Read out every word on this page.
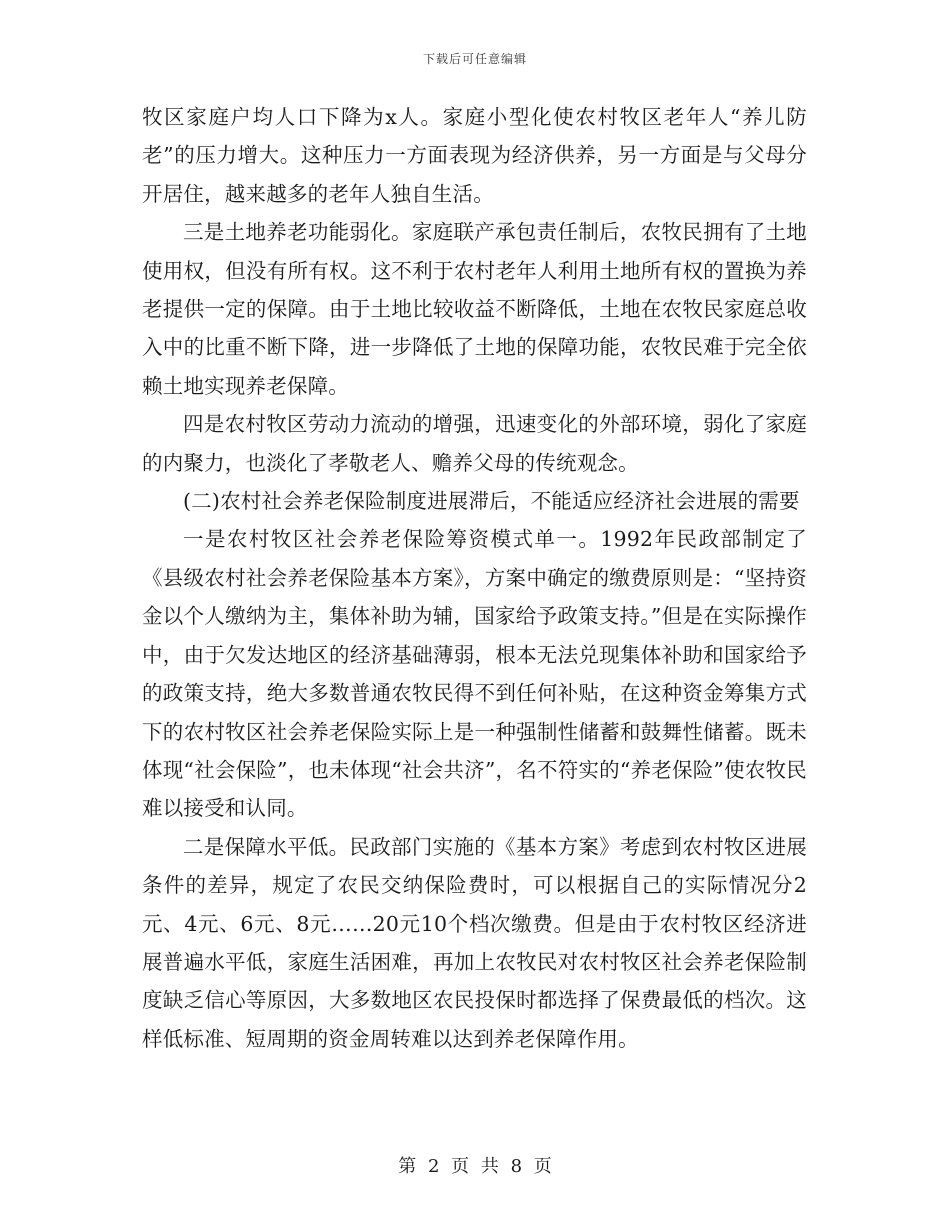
下载后可任意编辑

牧区家庭户均人口下降为x人。家庭小型化使农村牧区老年人“养儿防老”的压力增大。这种压力一方面表现为经济供养，另一方面是与父母分开居住，越来越多的老年人独自生活。

三是土地养老功能弱化。家庭联产承包责任制后，农牧民拥有了土地使用权，但没有所有权。这不利于农村老年人利用土地所有权的置换为养老提供一定的保障。由于土地比较收益不断降低，土地在农牧民家庭总收入中的比重不断下降，进一步降低了土地的保障功能，农牧民难于完全依赖土地实现养老保障。

四是农村牧区劳动力流动的增强，迅速变化的外部环境，弱化了家庭的内聚力，也淡化了孝敬老人、赡养父母的传统观念。

(二)农村社会养老保险制度进展滞后，不能适应经济社会进展的需要

一是农村牧区社会养老保险筹资模式单一。1992年民政部制定了《县级农村社会养老保险基本方案》，方案中确定的缴费原则是：“坚持资金以个人缴纳为主，集体补助为辅，国家给予政策支持。”但是在实际操作中，由于欠发达地区的经济基础薄弱，根本无法兑现集体补助和国家给予的政策支持，绝大多数普通农牧民得不到任何补贴，在这种资金筹集方式下的农村牧区社会养老保险实际上是一种强制性储蓄和鼓舞性储蓄。既未体现“社会保险”，也未体现“社会共济”，名不符实的“养老保险”使农牧民难以接受和认同。

二是保障水平低。民政部门实施的《基本方案》考虑到农村牧区进展条件的差异，规定了农民交纳保险费时，可以根据自己的实际情况分2元、4元、6元、8元……20元10个档次缴费。但是由于农村牧区经济进展普遍水平低，家庭生活困难，再加上农牧民对农村牧区社会养老保险制度缺乏信心等原因，大多数地区农民投保时都选择了保费最低的档次。这样低标准、短周期的资金周转难以达到养老保障作用。

第 2 页 共 8 页
